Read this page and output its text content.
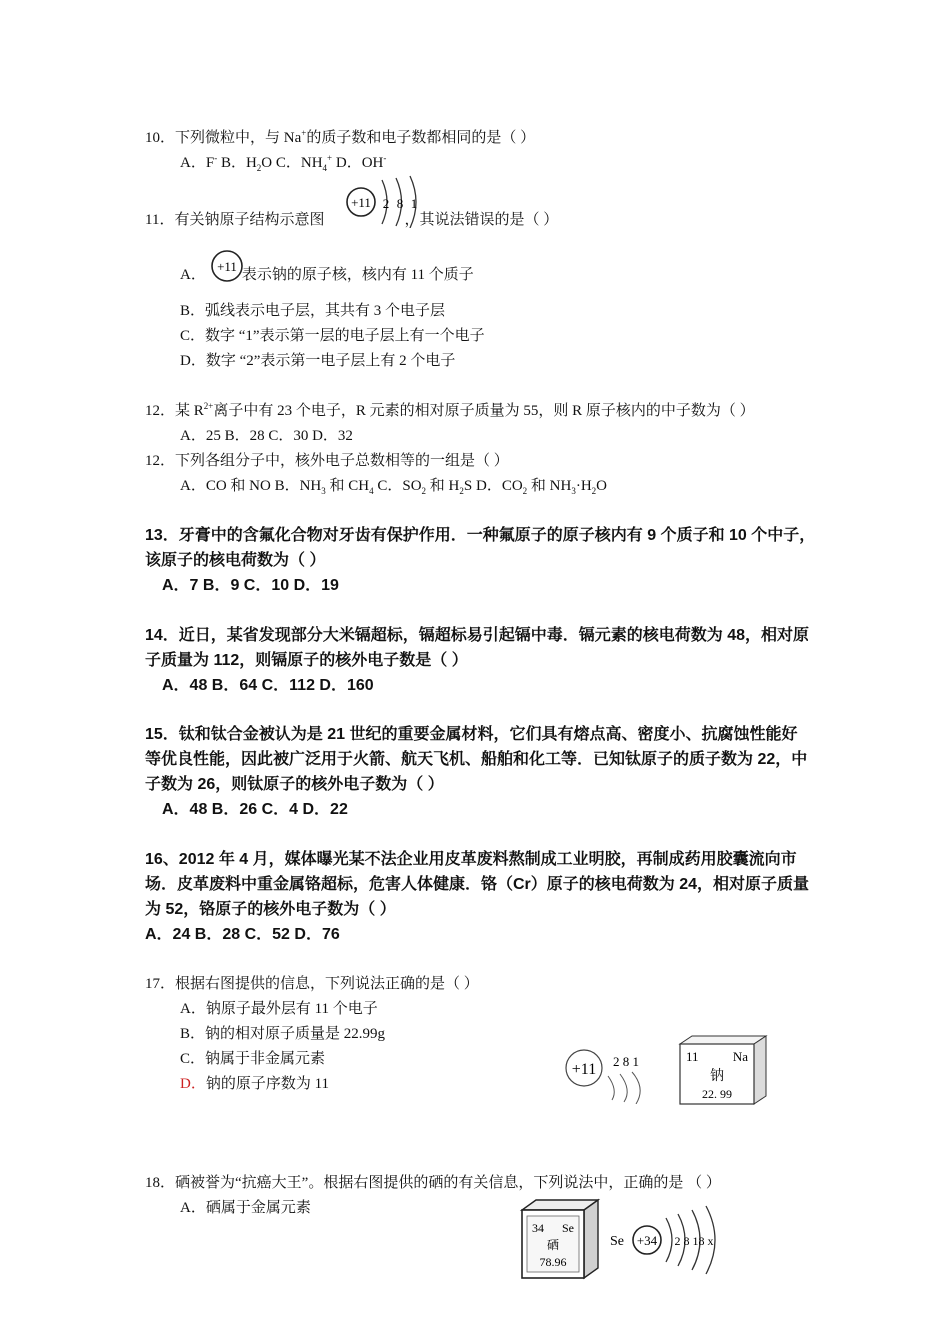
10．下列微粒中，与 Na+的质子数和电子数都相同的是（ ）
A．F- B．$H_2O$ C．$NH_4^+$ D．OH-
11．有关钠原子结构示意图	，其说法错误的是（ ）
+11 2 8 1
A． 表示钠的原子核，核内有 11 个质子
+11
B．弧线表示电子层，其共有 3 个电子层
C．数字 “1”表示第一层的电子层上有一个电子
D．数字 “2”表示第一电子层上有 2 个电子
12．某 $R^{2+}$离子中有 23 个电子，R 元素的相对原子质量为 55，则 R 原子核内的中子数为（ ）
A．25 B．28 C．30 D．32
12．下列各组分子中，核外电子总数相等的一组是（ ）
A．CO 和 NO B．$NH_3$ 和 $CH_4$ C．$SO_2$ 和 $H_2S$ D．$CO_2$ 和 $NH_3\cdot H_2O$
13．牙膏中的含氟化合物对牙齿有保护作用．一种氟原子的原子核内有 9 个质子和 10 个中子，
该原子的核电荷数为（ ）
A．7 B．9 C．10 D．19
14．近日，某省发现部分大米镉超标，镉超标易引起镉中毒．镉元素的核电荷数为 48，相对原
子质量为 112，则镉原子的核外电子数是（ ）
A．48 B．64 C．112 D．160
15．钛和钛合金被认为是 21 世纪的重要金属材料，它们具有熔点高、密度小、抗腐蚀性能好
等优良性能，因此被广泛用于火箭、航天飞机、船舶和化工等．已知钛原子的质子数为 22，中
子数为 26，则钛原子的核外电子数为（ ）
A．48 B．26 C．4 D．22
16、2012 年 4 月，媒体曝光某不法企业用皮革废料熬制成工业明胶，再制成药用胶囊流向市
场．皮革废料中重金属铬超标，危害人体健康．铬（Cr）原子的核电荷数为 24，相对原子质量
为 52，铬原子的核外电子数为（ ）
A．24 B．28 C．52 D．76
17．根据右图提供的信息，下列说法正确的是（ ）
A．钠原子最外层有 11 个电子
B．钠的相对原子质量是 22.99g
C．钠属于非金属元素
D．钠的原子序数为 11
+11 2 8 1	11	Na
钠
22. 99
18．硒被誉为“抗癌大王”。根据右图提供的硒的有关信息，下列说法中，正确的是 （ ）
A．硒属于金属元素
34 Se
硒
78.96
Se +34 2 8 18 x
